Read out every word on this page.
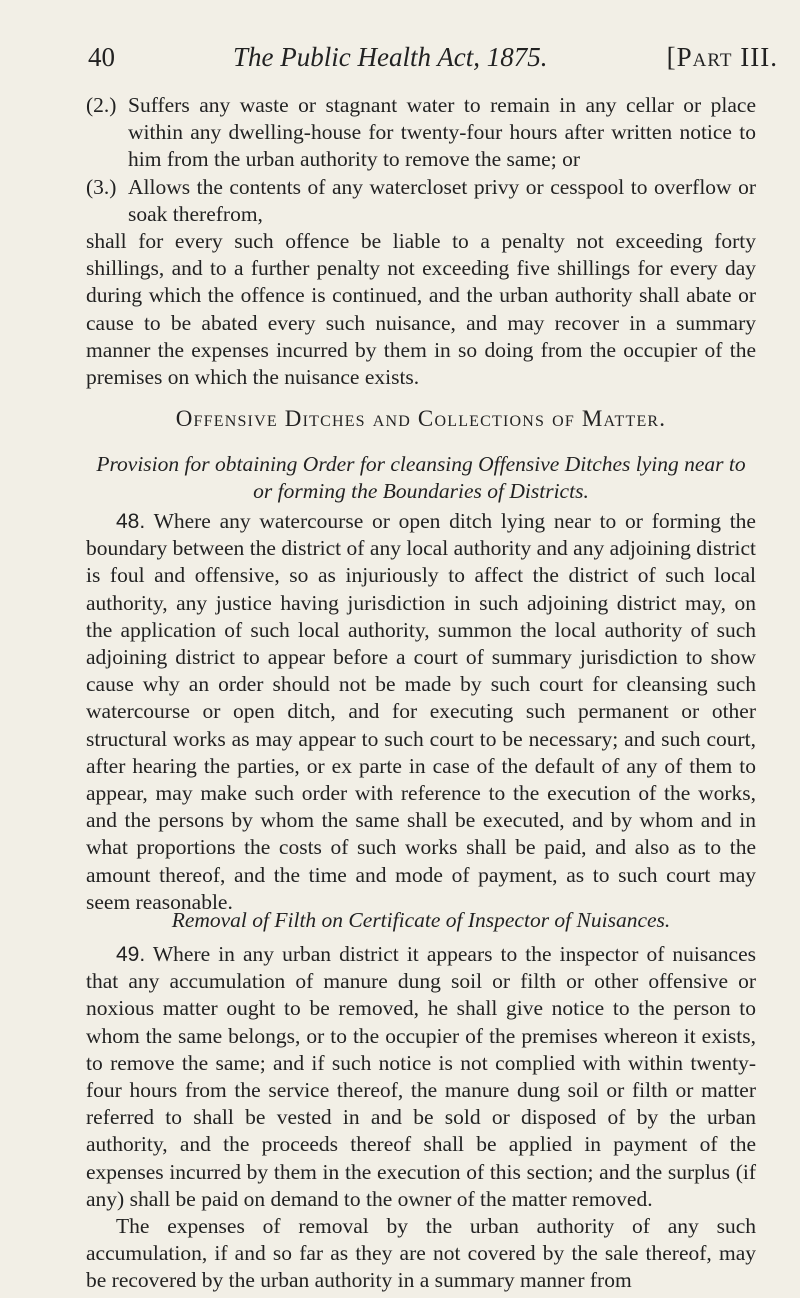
40	The Public Health Act, 1875.	[Part III.

(2.) Suffers any waste or stagnant water to remain in any cellar or place within any dwelling-house for twenty-four hours after written notice to him from the urban authority to remove the same; or

(3.) Allows the contents of any watercloset privy or cesspool to overflow or soak therefrom,

shall for every such offence be liable to a penalty not exceeding forty shillings, and to a further penalty not exceeding five shillings for every day during which the offence is continued, and the urban authority shall abate or cause to be abated every such nuisance, and may recover in a summary manner the expenses incurred by them in so doing from the occupier of the premises on which the nuisance exists.

Offensive Ditches and Collections of Matter.

Provision for obtaining Order for cleansing Offensive Ditches lying near to or forming the Boundaries of Districts.

48. Where any watercourse or open ditch lying near to or forming the boundary between the district of any local authority and any adjoining district is foul and offensive, so as injuriously to affect the district of such local authority, any justice having jurisdiction in such adjoining district may, on the application of such local authority, summon the local authority of such adjoining district to appear before a court of summary jurisdiction to show cause why an order should not be made by such court for cleansing such watercourse or open ditch, and for executing such permanent or other structural works as may appear to such court to be necessary; and such court, after hearing the parties, or ex parte in case of the default of any of them to appear, may make such order with reference to the execution of the works, and the persons by whom the same shall be executed, and by whom and in what proportions the costs of such works shall be paid, and also as to the amount thereof, and the time and mode of payment, as to such court may seem reasonable.

Removal of Filth on Certificate of Inspector of Nuisances.

49. Where in any urban district it appears to the inspector of nuisances that any accumulation of manure dung soil or filth or other offensive or noxious matter ought to be removed, he shall give notice to the person to whom the same belongs, or to the occupier of the premises whereon it exists, to remove the same; and if such notice is not complied with within twenty-four hours from the service thereof, the manure dung soil or filth or matter referred to shall be vested in and be sold or disposed of by the urban authority, and the proceeds thereof shall be applied in payment of the expenses incurred by them in the execution of this section; and the surplus (if any) shall be paid on demand to the owner of the matter removed.

The expenses of removal by the urban authority of any such accumulation, if and so far as they are not covered by the sale thereof, may be recovered by the urban authority in a summary manner from
